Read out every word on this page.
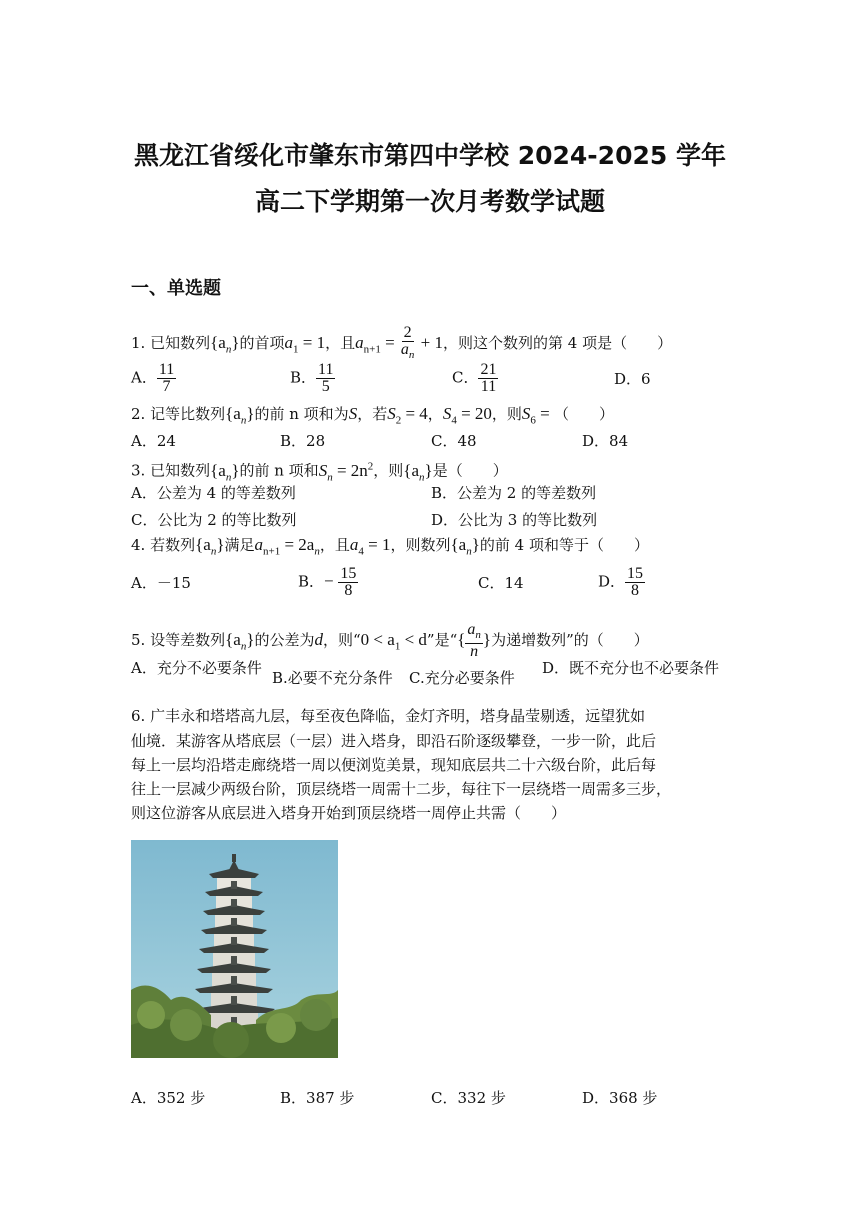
黑龙江省绥化市肇东市第四中学校 2024-2025 学年
高二下学期第一次月考数学试题
一、单选题
1. 已知数列$\{a_n\}$的首项$a_1 = 1$，且$a_{n+1} = \frac{2}{a_n} + 1$，则这个数列的第 4 项是（　　）
A． $\frac{11}{7}$	B． $\frac{11}{5}$	C． $\frac{21}{11}$	D．6
2. 记等比数列$\{a_n\}$的前 n 项和为S，若$S_2 = 4$，$S_4 = 20$，则$S_6$ = （　　）
A．24	B．28	C．48	D．84
3. 已知数列$\{a_n\}$的前 n 项和$S_n = 2n^2$，则$\{a_n\}$是（　　）
A．公差为 4 的等差数列	B．公差为 2 的等差数列
C．公比为 2 的等比数列	D．公比为 3 的等比数列
4. 若数列$\{a_n\}$满足$a_{n+1} = 2a_n$，且$a_4 = 1$，则数列$\{a_n\}$的前 4 项和等于（　　）
A．－15	B．− $\frac{15}{8}$	C．14	D． $\frac{15}{8}$
5. 设等差数列$\{a_n\}$的公差为d，则“$0 < a_1 < d$”是“{ $\frac{a_n}{n}$ }为递增数列”的（　　）
A．充分不必要条件
B.必要不充分条件 C.充分必要条件
D．既不充分也不必要条件
6. 广丰永和塔塔高九层，每至夜色降临，金灯齐明，塔身晶莹剔透，远望犹如
仙境．某游客从塔底层（一层）进入塔身，即沿石阶逐级攀登，一步一阶，此后
每上一层均沿塔走廊绕塔一周以便浏览美景，现知底层共二十六级台阶，此后每
往上一层减少两级台阶，顶层绕塔一周需十二步，每往下一层绕塔一周需多三步，
则这位游客从底层进入塔身开始到顶层绕塔一周停止共需（　　）
A．352 步	B．387 步	C．332 步	D．368 步
